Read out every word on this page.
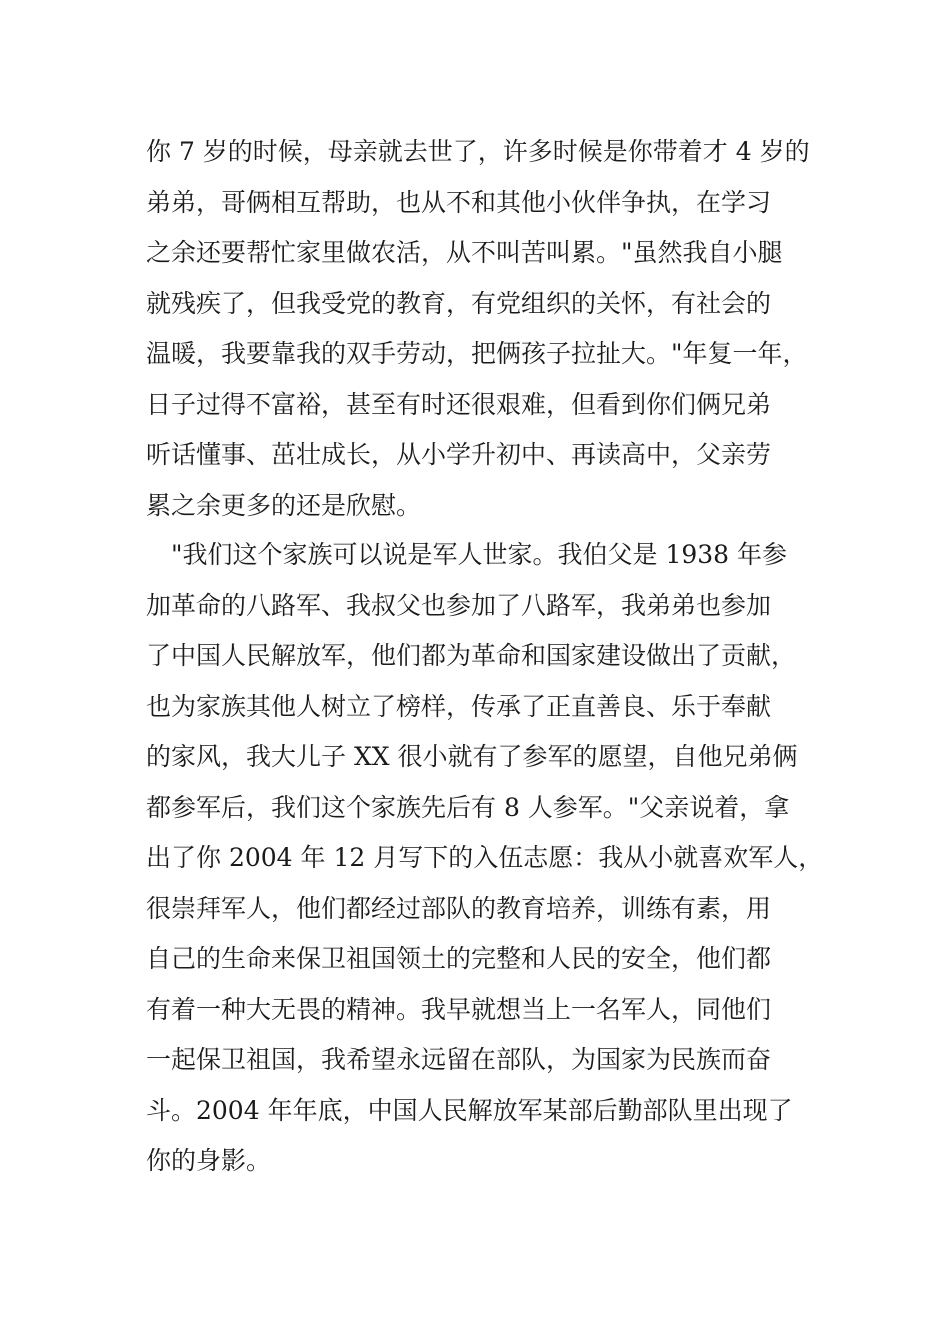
你 7 岁的时候，母亲就去世了，许多时候是你带着才 4 岁的
弟弟，哥俩相互帮助，也从不和其他小伙伴争执，在学习
之余还要帮忙家里做农活，从不叫苦叫累。"虽然我自小腿
就残疾了，但我受党的教育，有党组织的关怀，有社会的
温暖，我要靠我的双手劳动，把俩孩子拉扯大。"年复一年，
日子过得不富裕，甚至有时还很艰难，但看到你们俩兄弟
听话懂事、茁壮成长，从小学升初中、再读高中，父亲劳
累之余更多的还是欣慰。
　"我们这个家族可以说是军人世家。我伯父是 1938 年参
加革命的八路军、我叔父也参加了八路军，我弟弟也参加
了中国人民解放军，他们都为革命和国家建设做出了贡献，
也为家族其他人树立了榜样，传承了正直善良、乐于奉献
的家风，我大儿子 XX 很小就有了参军的愿望，自他兄弟俩
都参军后，我们这个家族先后有 8 人参军。"父亲说着，拿
出了你 2004 年 12 月写下的入伍志愿：我从小就喜欢军人，
很崇拜军人，他们都经过部队的教育培养，训练有素，用
自己的生命来保卫祖国领土的完整和人民的安全，他们都
有着一种大无畏的精神。我早就想当上一名军人，同他们
一起保卫祖国，我希望永远留在部队，为国家为民族而奋
斗。2004 年年底，中国人民解放军某部后勤部队里出现了
你的身影。
